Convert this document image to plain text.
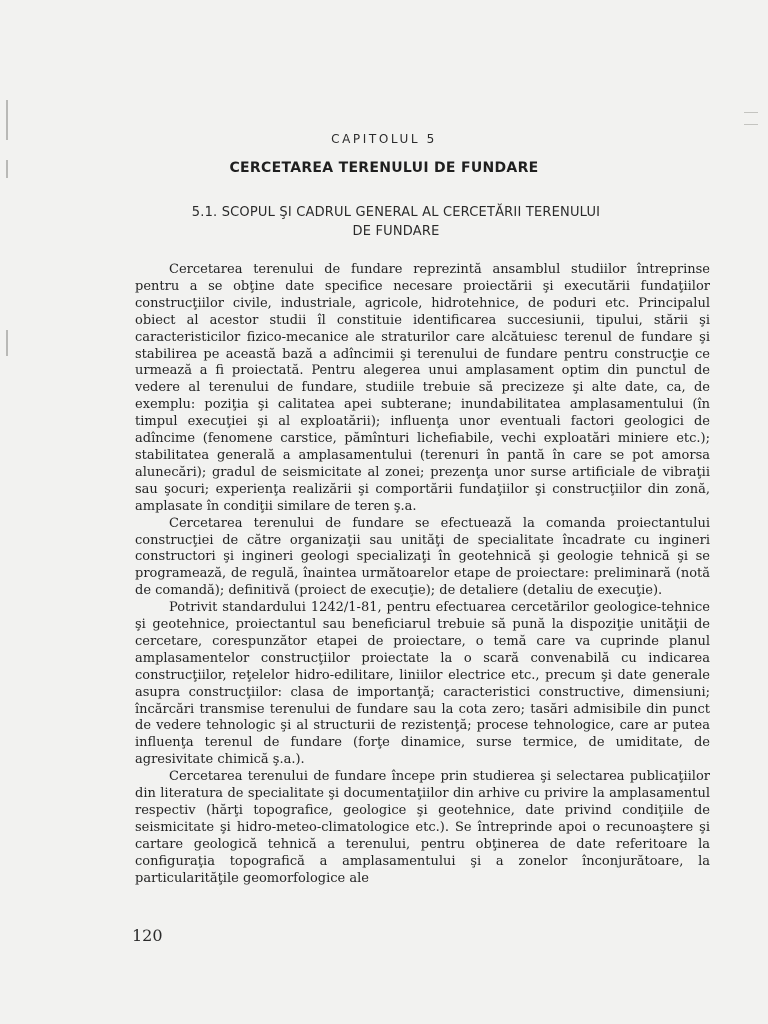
CAPITOLUL 5
CERCETAREA TERENULUI DE FUNDARE
5.1. SCOPUL ŞI CADRUL GENERAL AL CERCETĂRII TERENULUI
DE FUNDARE

Cercetarea terenului de fundare reprezintă ansamblul studiilor întreprinse pentru a se obţine date specifice necesare proiectării şi executării fundaţiilor construcţiilor civile, industriale, agricole, hidrotehnice, de poduri etc. Principalul obiect al acestor studii îl constituie identificarea succesiunii, tipului, stării şi caracteristicilor fizico-mecanice ale straturilor care alcătuiesc terenul de fundare şi stabilirea pe această bază a adîncimii şi terenului de fundare pentru construcţie ce urmează a fi proiectată. Pentru alegerea unui amplasament optim din punctul de vedere al terenului de fundare, studiile trebuie să precizeze şi alte date, ca, de exemplu: poziţia şi calitatea apei subterane; inundabilitatea amplasamentului (în timpul execuţiei şi al exploatării); influenţa unor eventuali factori geologici de adîncime (fenomene carstice, pămînturi lichefiabile, vechi exploatări miniere etc.); stabilitatea generală a amplasamentului (terenuri în pantă în care se pot amorsa alunecări); gradul de seismicitate al zonei; prezenţa unor surse artificiale de vibraţii sau şocuri; experienţa realizării şi comportării fundaţiilor şi construcţiilor din zonă, amplasate în condiţii similare de teren ş.a.

Cercetarea terenului de fundare se efectuează la comanda proiectantului construcţiei de către organizaţii sau unităţi de specialitate încadrate cu ingineri constructori şi ingineri geologi specializaţi în geotehnică şi geologie tehnică şi se programează, de regulă, înaintea următoarelor etape de proiectare: preliminară (notă de comandă); definitivă (proiect de execuţie); de detaliere (detaliu de execuţie).

Potrivit standardului 1242/1-81, pentru efectuarea cercetărilor geologice-tehnice şi geotehnice, proiectantul sau beneficiarul trebuie să pună la dispoziţie unităţii de cercetare, corespunzător etapei de proiectare, o temă care va cuprinde planul amplasamentelor construcţiilor proiectate la o scară convenabilă cu indicarea construcţiilor, reţelelor hidro-edilitare, liniilor electrice etc., precum şi date generale asupra construcţiilor: clasa de importanţă; caracteristici constructive, dimensiuni; încărcări transmise terenului de fundare sau la cota zero; tasări admisibile din punct de vedere tehnologic şi al structurii de rezistenţă; procese tehnologice, care ar putea influenţa terenul de fundare (forţe dinamice, surse termice, de umiditate, de agresivitate chimică ş.a.).

Cercetarea terenului de fundare începe prin studierea şi selectarea publicaţiilor din literatura de specialitate şi documentaţiilor din arhive cu privire la amplasamentul respectiv (hărţi topografice, geologice şi geotehnice, date privind condiţiile de seismicitate şi hidro-meteo-climatologice etc.). Se întreprinde apoi o recunoaştere şi cartare geologică tehnică a terenului, pentru obţinerea de date referitoare la configuraţia topografică a amplasamentului şi a zonelor înconjurătoare, la particularităţile geomorfologice ale

120
